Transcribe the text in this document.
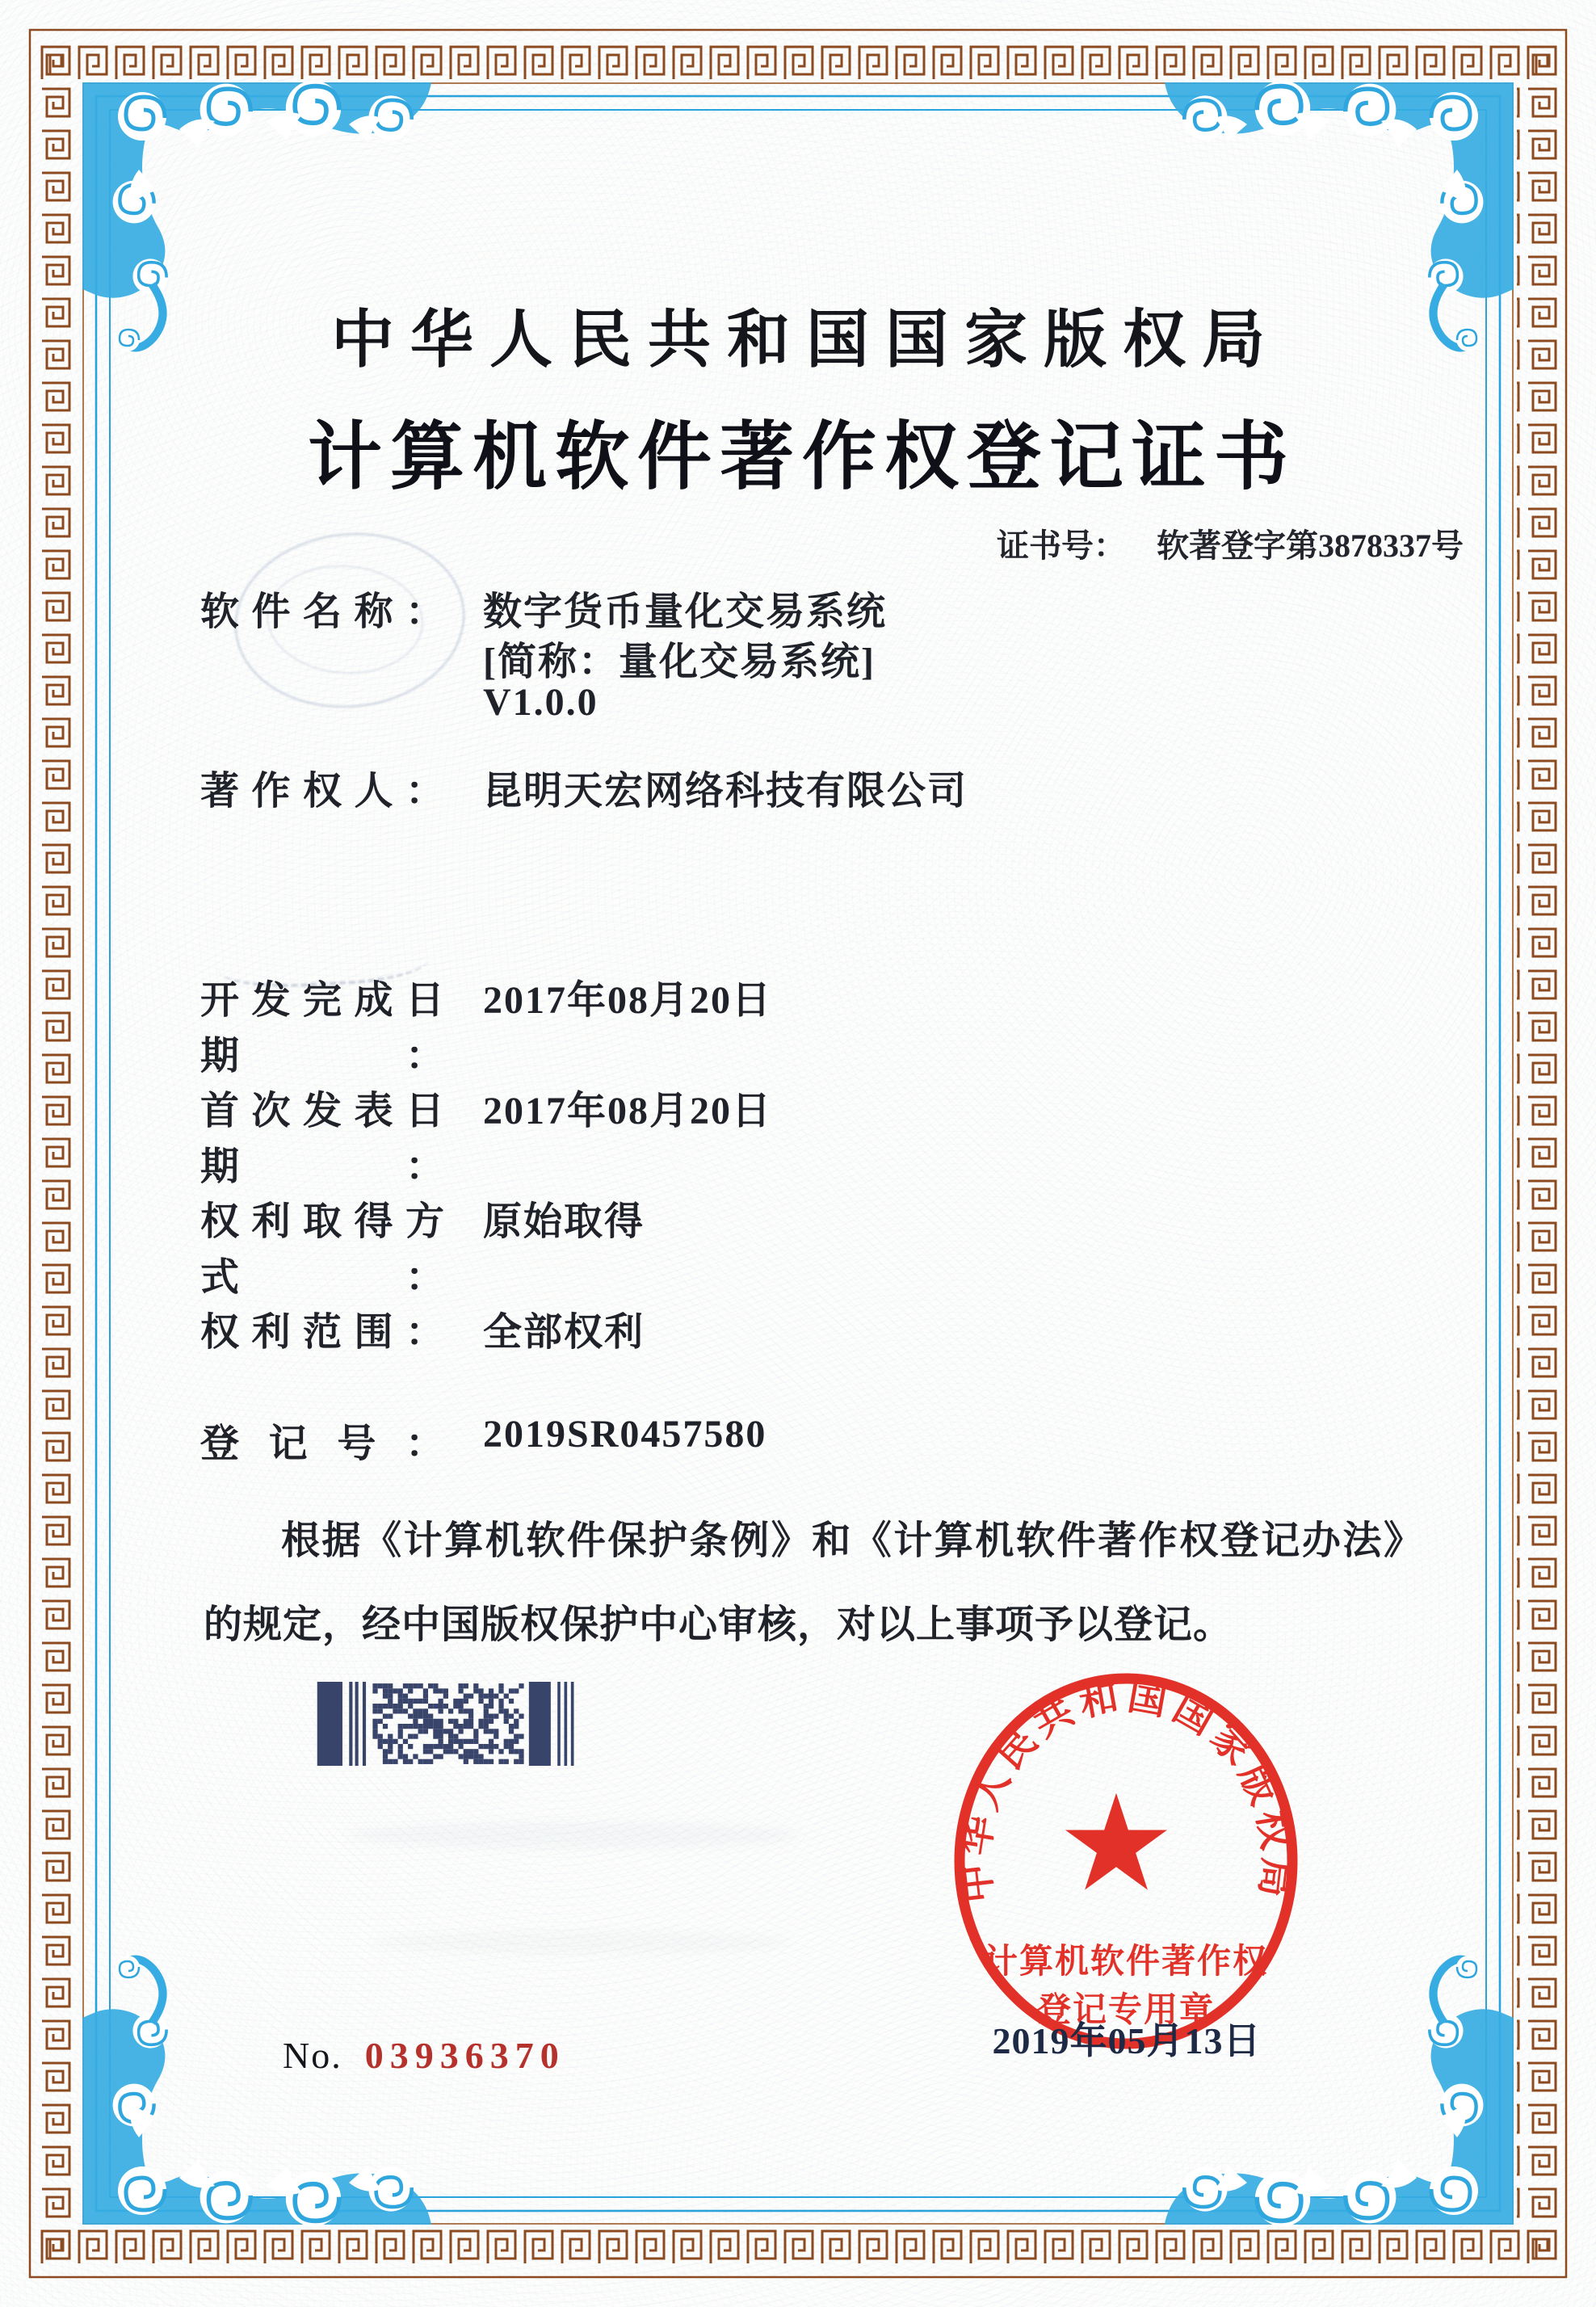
中华人民共和国国家版权局
计算机软件著作权登记证书
证书号： 软著登字第3878337号
软件名称： 数字货币量化交易系统
[简称：量化交易系统]
V1.0.0
著作权人： 昆明天宏网络科技有限公司
开发完成日期：
2017年08月20日
首次发表日期：
2017年08月20日
权利取得方式：
原始取得
权利范围： 全部权利
登记号： 2019SR0457580
根据《计算机软件保护条例》和《计算机软件著作权登记办法》的规定，经中国版权保护中心审核，对以上事项予以登记。
中华人民共和国国家版权局
计算机软件著作权
登记专用章
2019年05月13日
No. 03936370
